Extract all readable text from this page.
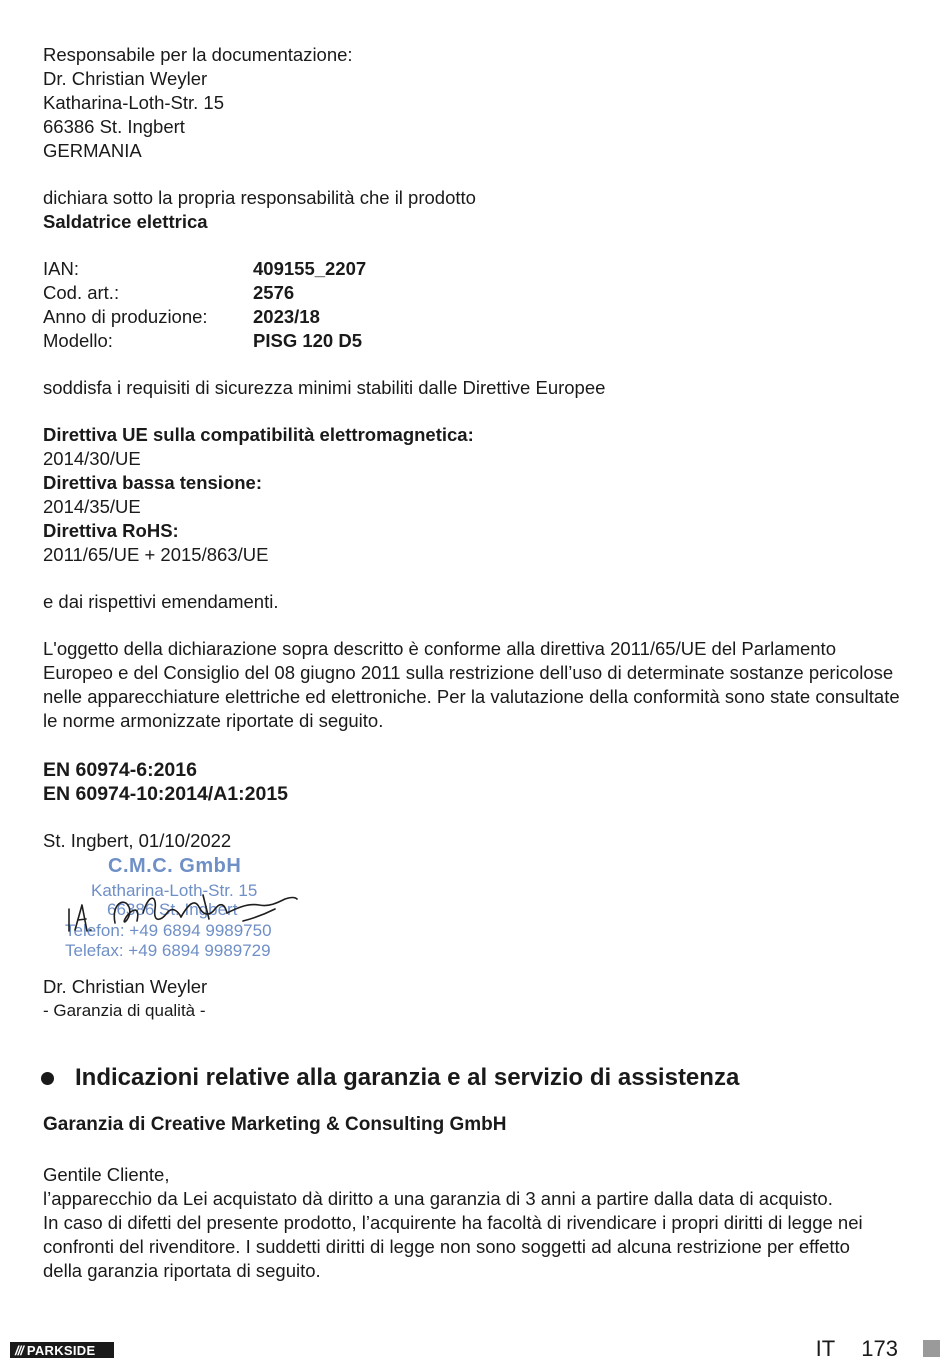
Responsabile per la documentazione:
Dr. Christian Weyler
Katharina-Loth-Str. 15
66386 St. Ingbert
GERMANIA
dichiara sotto la propria responsabilità che il prodotto
Saldatrice elettrica
IAN:	409155_2207
Cod. art.:	2576
Anno di produzione:	2023/18
Modello:	PISG 120 D5
soddisfa i requisiti di sicurezza minimi stabiliti dalle Direttive Europee
Direttiva UE sulla compatibilità elettromagnetica:
2014/30/UE
Direttiva bassa tensione:
2014/35/UE
Direttiva RoHS:
2011/65/UE + 2015/863/UE
e dai rispettivi emendamenti.
L'oggetto della dichiarazione sopra descritto è conforme alla direttiva 2011/65/UE del Parlamento
Europeo e del Consiglio del 08 giugno 2011 sulla restrizione dell’uso di determinate sostanze pericolose
nelle apparecchiature elettriche ed elettroniche. Per la valutazione della conformità sono state consultate
le norme armonizzate riportate di seguito.
EN 60974-6:2016
EN 60974-10:2014/A1:2015
St. Ingbert, 01/10/2022
C.M.C. GmbH
Katharina-Loth-Str. 15
66386 St. Ingbert
Telefon: +49 6894 9989750
Telefax: +49 6894 9989729
Dr. Christian Weyler
- Garanzia di qualità -
Indicazioni relative alla garanzia e al servizio di assistenza
Garanzia di Creative Marketing & Consulting GmbH
Gentile Cliente,
l’apparecchio da Lei acquistato dà diritto a una garanzia di 3 anni a partire dalla data di acquisto.
In caso di difetti del presente prodotto, l’acquirente ha facoltà di rivendicare i propri diritti di legge nei
confronti del rivenditore. I suddetti diritti di legge non sono soggetti ad alcuna restrizione per effetto
della garanzia riportata di seguito.
/// PARKSIDE	IT 173
